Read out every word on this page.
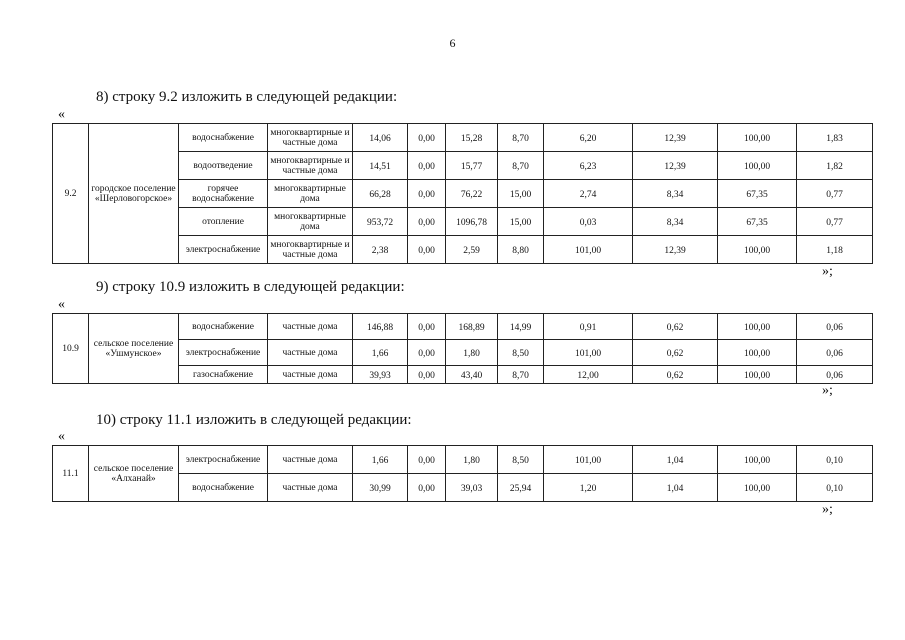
6
8) строку 9.2 изложить в следующей редакции:
«
9.2	городское поселение «Шерловогорское»	водоснабжение	многоквартирные и частные дома	14,06	0,00	15,28	8,70	6,20	12,39	100,00	1,83
		водоотведение	многоквартирные и частные дома	14,51	0,00	15,77	8,70	6,23	12,39	100,00	1,82
		горячее водоснабжение	многоквартирные дома	66,28	0,00	76,22	15,00	2,74	8,34	67,35	0,77
		отопление	многоквартирные дома	953,72	0,00	1096,78	15,00	0,03	8,34	67,35	0,77
		электроснабжение	многоквартирные и частные дома	2,38	0,00	2,59	8,80	101,00	12,39	100,00	1,18
»;
9) строку 10.9 изложить в следующей редакции:
«
10.9	сельское поселение «Ушмунское»	водоснабжение	частные дома	146,88	0,00	168,89	14,99	0,91	0,62	100,00	0,06
		электроснабжение	частные дома	1,66	0,00	1,80	8,50	101,00	0,62	100,00	0,06
		газоснабжение	частные дома	39,93	0,00	43,40	8,70	12,00	0,62	100,00	0,06
»;
10) строку 11.1 изложить в следующей редакции:
«
11.1	сельское поселение «Алханай»	электроснабжение	частные дома	1,66	0,00	1,80	8,50	101,00	1,04	100,00	0,10
		водоснабжение	частные дома	30,99	0,00	39,03	25,94	1,20	1,04	100,00	0,10
»;
